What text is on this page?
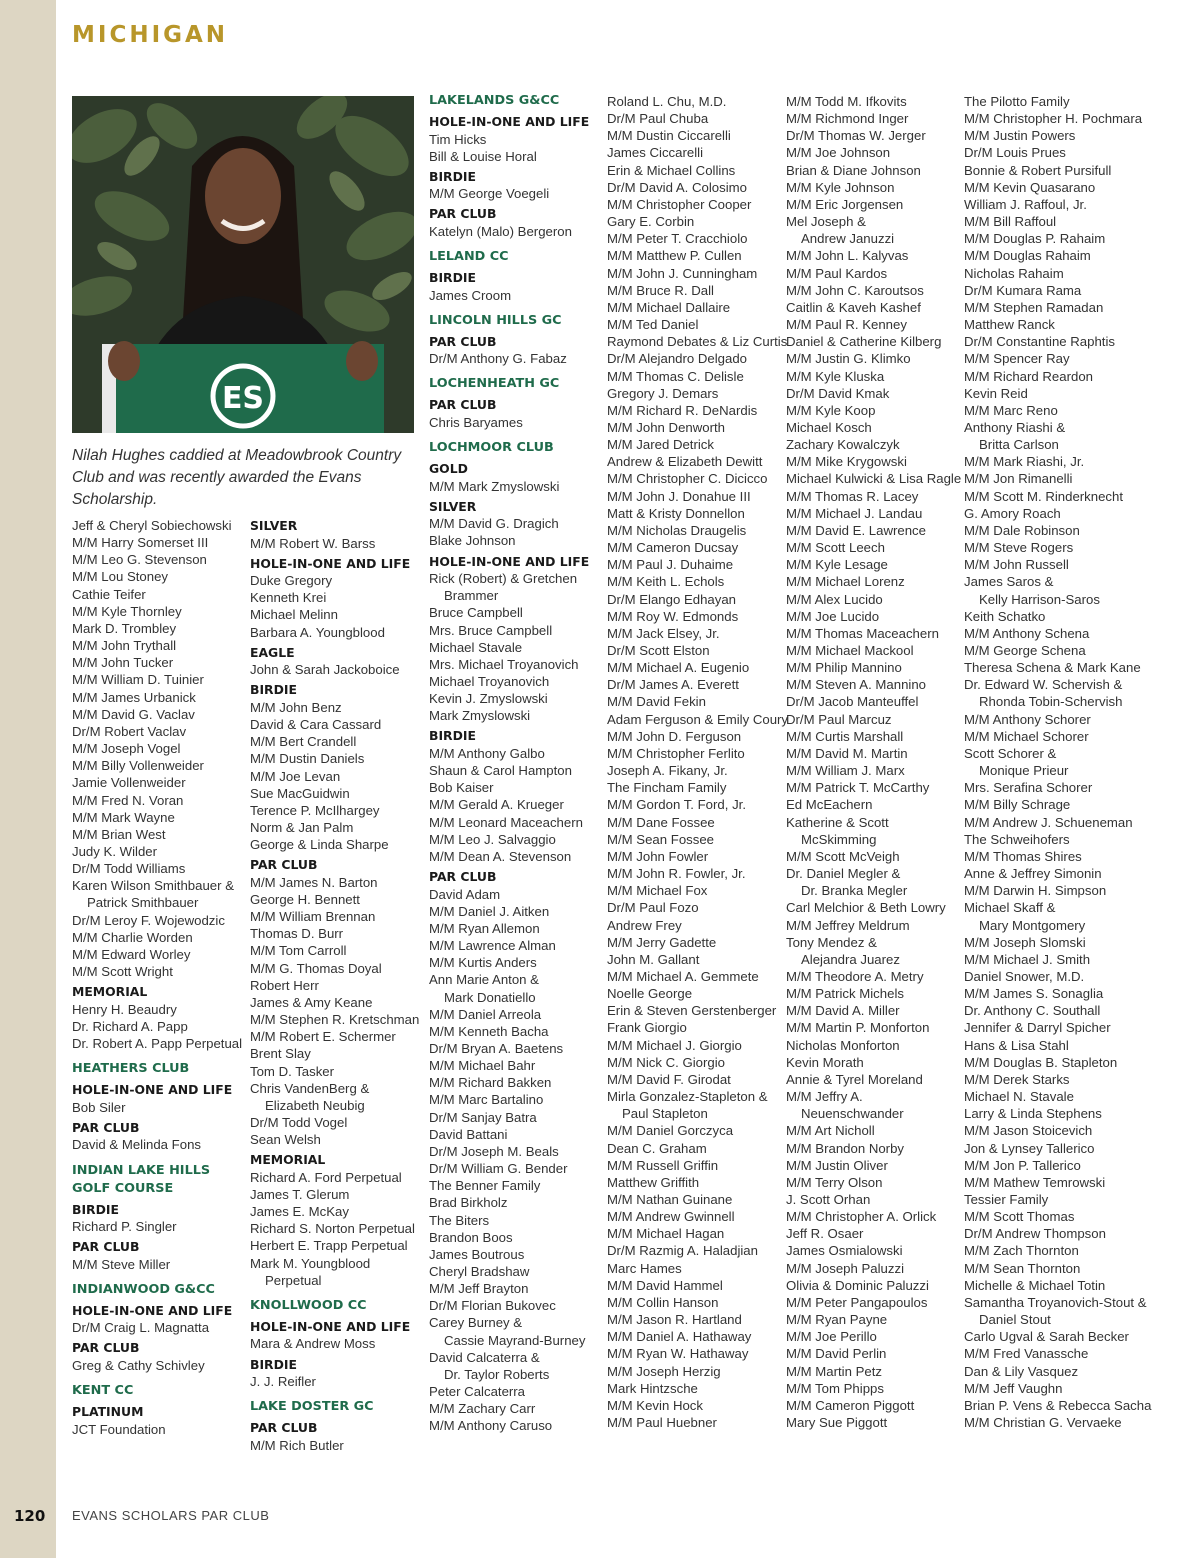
MICHIGAN
ES
Nilah Hughes caddied at Meadowbrook Country Club and was recently awarded the Evans Scholarship.
Jeff & Cheryl Sobiechowski
M/M Harry Somerset III
M/M Leo G. Stevenson
M/M Lou Stoney
Cathie Teifer
M/M Kyle Thornley
Mark D. Trombley
M/M John Trythall
M/M John Tucker
M/M William D. Tuinier
M/M James Urbanick
M/M David G. Vaclav
Dr/M Robert Vaclav
M/M Joseph Vogel
M/M Billy Vollenweider
Jamie Vollenweider
M/M Fred N. Voran
M/M Mark Wayne
M/M Brian West
Judy K. Wilder
Dr/M Todd Williams
Karen Wilson Smithbauer &
Patrick Smithbauer
Dr/M Leroy F. Wojewodzic
M/M Charlie Worden
M/M Edward Worley
M/M Scott Wright
MEMORIAL
Henry H. Beaudry
Dr. Richard A. Papp
Dr. Robert A. Papp Perpetual
HEATHERS CLUB
HOLE-IN-ONE AND LIFE
Bob Siler
PAR CLUB
David & Melinda Fons
INDIAN LAKE HILLS
GOLF COURSE
BIRDIE
Richard P. Singler
PAR CLUB
M/M Steve Miller
INDIANWOOD G&CC
HOLE-IN-ONE AND LIFE
Dr/M Craig L. Magnatta
PAR CLUB
Greg & Cathy Schivley
KENT CC
PLATINUM
JCT Foundation
SILVER
M/M Robert W. Barss
HOLE-IN-ONE AND LIFE
Duke Gregory
Kenneth Krei
Michael Melinn
Barbara A. Youngblood
EAGLE
John & Sarah Jackoboice
BIRDIE
M/M John Benz
David & Cara Cassard
M/M Bert Crandell
M/M Dustin Daniels
M/M Joe Levan
Sue MacGuidwin
Terence P. McIlhargey
Norm & Jan Palm
George & Linda Sharpe
PAR CLUB
M/M James N. Barton
George H. Bennett
M/M William Brennan
Thomas D. Burr
M/M Tom Carroll
M/M G. Thomas Doyal
Robert Herr
James & Amy Keane
M/M Stephen R. Kretschman
M/M Robert E. Schermer
Brent Slay
Tom D. Tasker
Chris VandenBerg &
Elizabeth Neubig
Dr/M Todd Vogel
Sean Welsh
MEMORIAL
Richard A. Ford Perpetual
James T. Glerum
James E. McKay
Richard S. Norton Perpetual
Herbert E. Trapp Perpetual
Mark M. Youngblood
Perpetual
KNOLLWOOD CC
HOLE-IN-ONE AND LIFE
Mara & Andrew Moss
BIRDIE
J. J. Reifler
LAKE DOSTER GC
PAR CLUB
M/M Rich Butler
LAKELANDS G&CC
HOLE-IN-ONE AND LIFE
Tim Hicks
Bill & Louise Horal
BIRDIE
M/M George Voegeli
PAR CLUB
Katelyn (Malo) Bergeron
LELAND CC
BIRDIE
James Croom
LINCOLN HILLS GC
PAR CLUB
Dr/M Anthony G. Fabaz
LOCHENHEATH GC
PAR CLUB
Chris Baryames
LOCHMOOR CLUB
GOLD
M/M Mark Zmyslowski
SILVER
M/M David G. Dragich
Blake Johnson
HOLE-IN-ONE AND LIFE
Rick (Robert) & Gretchen
Brammer
Bruce Campbell
Mrs. Bruce Campbell
Michael Stavale
Mrs. Michael Troyanovich
Michael Troyanovich
Kevin J. Zmyslowski
Mark Zmyslowski
BIRDIE
M/M Anthony Galbo
Shaun & Carol Hampton
Bob Kaiser
M/M Gerald A. Krueger
M/M Leonard Maceachern
M/M Leo J. Salvaggio
M/M Dean A. Stevenson
PAR CLUB
David Adam
M/M Daniel J. Aitken
M/M Ryan Allemon
M/M Lawrence Alman
M/M Kurtis Anders
Ann Marie Anton &
Mark Donatiello
M/M Daniel Arreola
M/M Kenneth Bacha
Dr/M Bryan A. Baetens
M/M Michael Bahr
M/M Richard Bakken
M/M Marc Bartalino
Dr/M Sanjay Batra
David Battani
Dr/M Joseph M. Beals
Dr/M William G. Bender
The Benner Family
Brad Birkholz
The Biters
Brandon Boos
James Boutrous
Cheryl Bradshaw
M/M Jeff Brayton
Dr/M Florian Bukovec
Carey Burney &
Cassie Mayrand-Burney
David Calcaterra &
Dr. Taylor Roberts
Peter Calcaterra
M/M Zachary Carr
M/M Anthony Caruso
Roland L. Chu, M.D.
Dr/M Paul Chuba
M/M Dustin Ciccarelli
James Ciccarelli
Erin & Michael Collins
Dr/M David A. Colosimo
M/M Christopher Cooper
Gary E. Corbin
M/M Peter T. Cracchiolo
M/M Matthew P. Cullen
M/M John J. Cunningham
M/M Bruce R. Dall
M/M Michael Dallaire
M/M Ted Daniel
Raymond Debates & Liz Curtis
Dr/M Alejandro Delgado
M/M Thomas C. Delisle
Gregory J. Demars
M/M Richard R. DeNardis
M/M John Denworth
M/M Jared Detrick
Andrew & Elizabeth Dewitt
M/M Christopher C. Dicicco
M/M John J. Donahue III
Matt & Kristy Donnellon
M/M Nicholas Draugelis
M/M Cameron Ducsay
M/M Paul J. Duhaime
M/M Keith L. Echols
Dr/M Elango Edhayan
M/M Roy W. Edmonds
M/M Jack Elsey, Jr.
Dr/M Scott Elston
M/M Michael A. Eugenio
Dr/M James A. Everett
M/M David Fekin
Adam Ferguson & Emily Coury
M/M John D. Ferguson
M/M Christopher Ferlito
Joseph A. Fikany, Jr.
The Fincham Family
M/M Gordon T. Ford, Jr.
M/M Dane Fossee
M/M Sean Fossee
M/M John Fowler
M/M John R. Fowler, Jr.
M/M Michael Fox
Dr/M Paul Fozo
Andrew Frey
M/M Jerry Gadette
John M. Gallant
M/M Michael A. Gemmete
Noelle George
Erin & Steven Gerstenberger
Frank Giorgio
M/M Michael J. Giorgio
M/M Nick C. Giorgio
M/M David F. Girodat
Mirla Gonzalez-Stapleton &
Paul Stapleton
M/M Daniel Gorczyca
Dean C. Graham
M/M Russell Griffin
Matthew Griffith
M/M Nathan Guinane
M/M Andrew Gwinnell
M/M Michael Hagan
Dr/M Razmig A. Haladjian
Marc Hames
M/M David Hammel
M/M Collin Hanson
M/M Jason R. Hartland
M/M Daniel A. Hathaway
M/M Ryan W. Hathaway
M/M Joseph Herzig
Mark Hintzsche
M/M Kevin Hock
M/M Paul Huebner
M/M Todd M. Ifkovits
M/M Richmond Inger
Dr/M Thomas W. Jerger
M/M Joe Johnson
Brian & Diane Johnson
M/M Kyle Johnson
M/M Eric Jorgensen
Mel Joseph &
Andrew Januzzi
M/M John L. Kalyvas
M/M Paul Kardos
M/M John C. Karoutsos
Caitlin & Kaveh Kashef
M/M Paul R. Kenney
Daniel & Catherine Kilberg
M/M Justin G. Klimko
M/M Kyle Kluska
Dr/M David Kmak
M/M Kyle Koop
Michael Kosch
Zachary Kowalczyk
M/M Mike Krygowski
Michael Kulwicki & Lisa Ragle
M/M Thomas R. Lacey
M/M Michael J. Landau
M/M David E. Lawrence
M/M Scott Leech
M/M Kyle Lesage
M/M Michael Lorenz
M/M Alex Lucido
M/M Joe Lucido
M/M Thomas Maceachern
M/M Michael Mackool
M/M Philip Mannino
M/M Steven A. Mannino
Dr/M Jacob Manteuffel
Dr/M Paul Marcuz
M/M Curtis Marshall
M/M David M. Martin
M/M William J. Marx
M/M Patrick T. McCarthy
Ed McEachern
Katherine & Scott
McSkimming
M/M Scott McVeigh
Dr. Daniel Megler &
Dr. Branka Megler
Carl Melchior & Beth Lowry
M/M Jeffrey Meldrum
Tony Mendez &
Alejandra Juarez
M/M Theodore A. Metry
M/M Patrick Michels
M/M David A. Miller
M/M Martin P. Monforton
Nicholas Monforton
Kevin Morath
Annie & Tyrel Moreland
M/M Jeffry A.
Neuenschwander
M/M Art Nicholl
M/M Brandon Norby
M/M Justin Oliver
M/M Terry Olson
J. Scott Orhan
M/M Christopher A. Orlick
Jeff R. Osaer
James Osmialowski
M/M Joseph Paluzzi
Olivia & Dominic Paluzzi
M/M Peter Pangapoulos
M/M Ryan Payne
M/M Joe Perillo
M/M David Perlin
M/M Martin Petz
M/M Tom Phipps
M/M Cameron Piggott
Mary Sue Piggott
The Pilotto Family
M/M Christopher H. Pochmara
M/M Justin Powers
Dr/M Louis Prues
Bonnie & Robert Pursifull
M/M Kevin Quasarano
William J. Raffoul, Jr.
M/M Bill Raffoul
M/M Douglas P. Rahaim
M/M Douglas Rahaim
Nicholas Rahaim
Dr/M Kumara Rama
M/M Stephen Ramadan
Matthew Ranck
Dr/M Constantine Raphtis
M/M Spencer Ray
M/M Richard Reardon
Kevin Reid
M/M Marc Reno
Anthony Riashi &
Britta Carlson
M/M Mark Riashi, Jr.
M/M Jon Rimanelli
M/M Scott M. Rinderknecht
G. Amory Roach
M/M Dale Robinson
M/M Steve Rogers
M/M John Russell
James Saros &
Kelly Harrison-Saros
Keith Schatko
M/M Anthony Schena
M/M George Schena
Theresa Schena & Mark Kane
Dr. Edward W. Schervish &
Rhonda Tobin-Schervish
M/M Anthony Schorer
M/M Michael Schorer
Scott Schorer &
Monique Prieur
Mrs. Serafina Schorer
M/M Billy Schrage
M/M Andrew J. Schueneman
The Schweihofers
M/M Thomas Shires
Anne & Jeffrey Simonin
M/M Darwin H. Simpson
Michael Skaff &
Mary Montgomery
M/M Joseph Slomski
M/M Michael J. Smith
Daniel Snower, M.D.
M/M James S. Sonaglia
Dr. Anthony C. Southall
Jennifer & Darryl Spicher
Hans & Lisa Stahl
M/M Douglas B. Stapleton
M/M Derek Starks
Michael N. Stavale
Larry & Linda Stephens
M/M Jason Stoicevich
Jon & Lynsey Tallerico
M/M Jon P. Tallerico
M/M Mathew Temrowski
Tessier Family
M/M Scott Thomas
Dr/M Andrew Thompson
M/M Zach Thornton
M/M Sean Thornton
Michelle & Michael Totin
Samantha Troyanovich-Stout &
Daniel Stout
Carlo Ugval & Sarah Becker
M/M Fred Vanassche
Dan & Lily Vasquez
M/M Jeff Vaughn
Brian P. Vens & Rebecca Sacha
M/M Christian G. Vervaeke
120 EVANS SCHOLARS PAR CLUB
